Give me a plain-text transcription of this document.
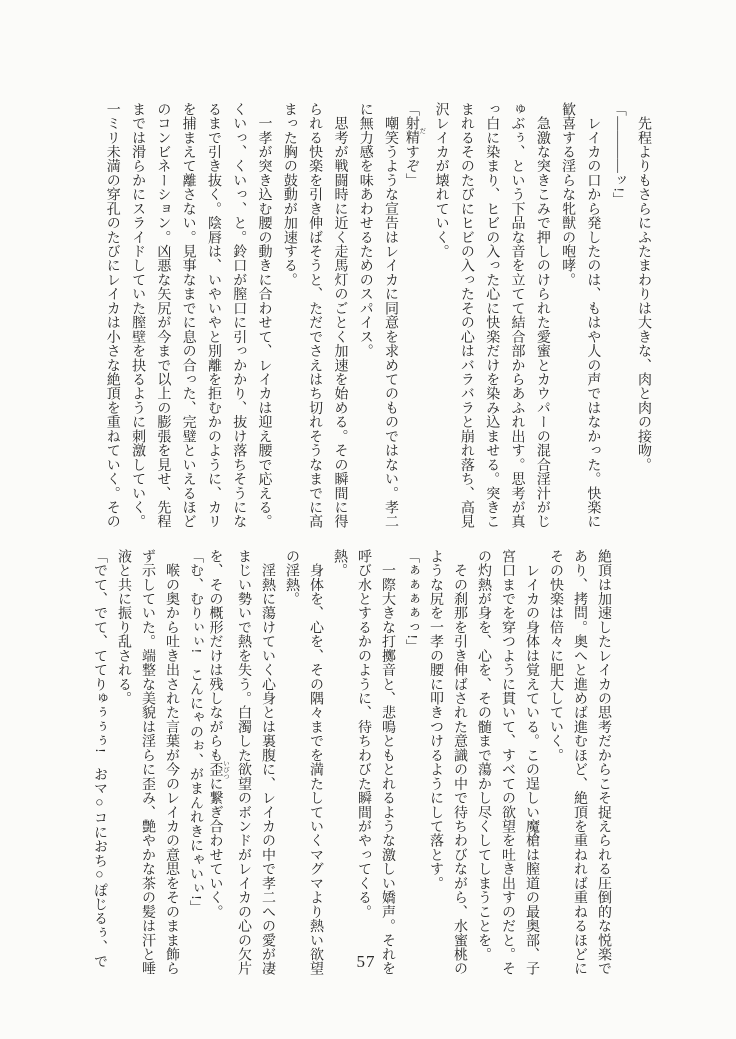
　先程よりもさらにふたまわりは大きな、肉と肉の接吻。
「――――ッ!」
　レイカの口から発したのは、もはや人の声ではなかった。快楽に
歓喜する淫らな牝獣の咆哮。
　急激な突きこみで押しのけられた愛蜜とカウパーの混合淫汁がじ
ゅぶぅ、という下品な音を立てて結合部からあふれ出す。思考が真
っ白に染まり、ヒビの入った心に快楽だけを染み込ませる。突きこ
まれるそのたびにヒビの入ったその心はバラバラと崩れ落ち、高見
沢レイカが壊れていく。
「射精 だすぞ」
　嘲笑うような宣告はレイカに同意を求めてのものではない。孝二
に無力感を味あわせるためのスパイス。
　思考が戦闘時に近く走馬灯のごとく加速を始める。その瞬間に得
られる快楽を引き伸ばそうと、ただでさえはち切れそうなまでに高
まった胸の鼓動が加速する。
　一孝が突き込む腰の動きに合わせて、レイカは迎え腰で応える。
くいっ、くいっ、と。鈴口が膣口に引っかかり、抜け落ちそうにな
るまで引き抜く。陰唇は、いやいやと別離を拒むかのように、カリ
を捕まえて離さない。見事なまでに息の合った、完璧といえるほど
のコンビネーション。凶悪な矢尻が今まで以上の膨張を見せ、先程
までは滑らかにスライドしていた膣壁を抉るように刺激していく。
一ミリ未満の穿孔のたびにレイカは小さな絶頂を重ねていく。その
絶頂は加速したレイカの思考だからこそ捉えられる圧倒的な悦楽で
あり、拷問。奥へと進めば進むほど、絶頂を重ねれば重ねるほどに
その快楽は倍々に肥大していく。
　レイカの身体は覚えている。この逞しい魔槍は膣道の最奥部、子
宮口までを穿つように貫いて、すべての欲望を吐き出すのだと。そ
の灼熱が身を、心を、その髄まで蕩かし尽くしてしまうことを。
　その刹那を引き伸ばされた意識の中で待ちわびながら、水蜜桃の
ような尻を一孝の腰に叩きつけるようにして落とす。
「ぁぁぁぁっ!」
　一際大きな打擲音と、悲鳴ともとれるような激しい嬌声。それを
呼び水とするかのように、待ちわびた瞬間がやってくる。
熱。
　身体を、心を、その隅々までを満たしていくマグマより熱い欲望
の淫熱。
　淫熱に蕩けていく心身とは裏腹に、レイカの中で孝二への愛が凄
まじい勢いで熱を失う。白濁した欲望のボンドがレイカの心の欠片
を、その概形だけは残しながらも歪 いびつに繋ぎ合わせていく。
「む、むりぃぃ!　こんにゃのぉ、がまんれきにゃいぃ!」
　喉の奥から吐き出された言葉が今のレイカの意思をそのまま飾ら
ず示していた。端整な美貌は淫らに歪み、艶やかな茶の髪は汗と唾
液と共に振り乱される。
「でて、でて、ててりゅぅぅぅ!　おマ○コにおち○ぽじるぅ、で	57
